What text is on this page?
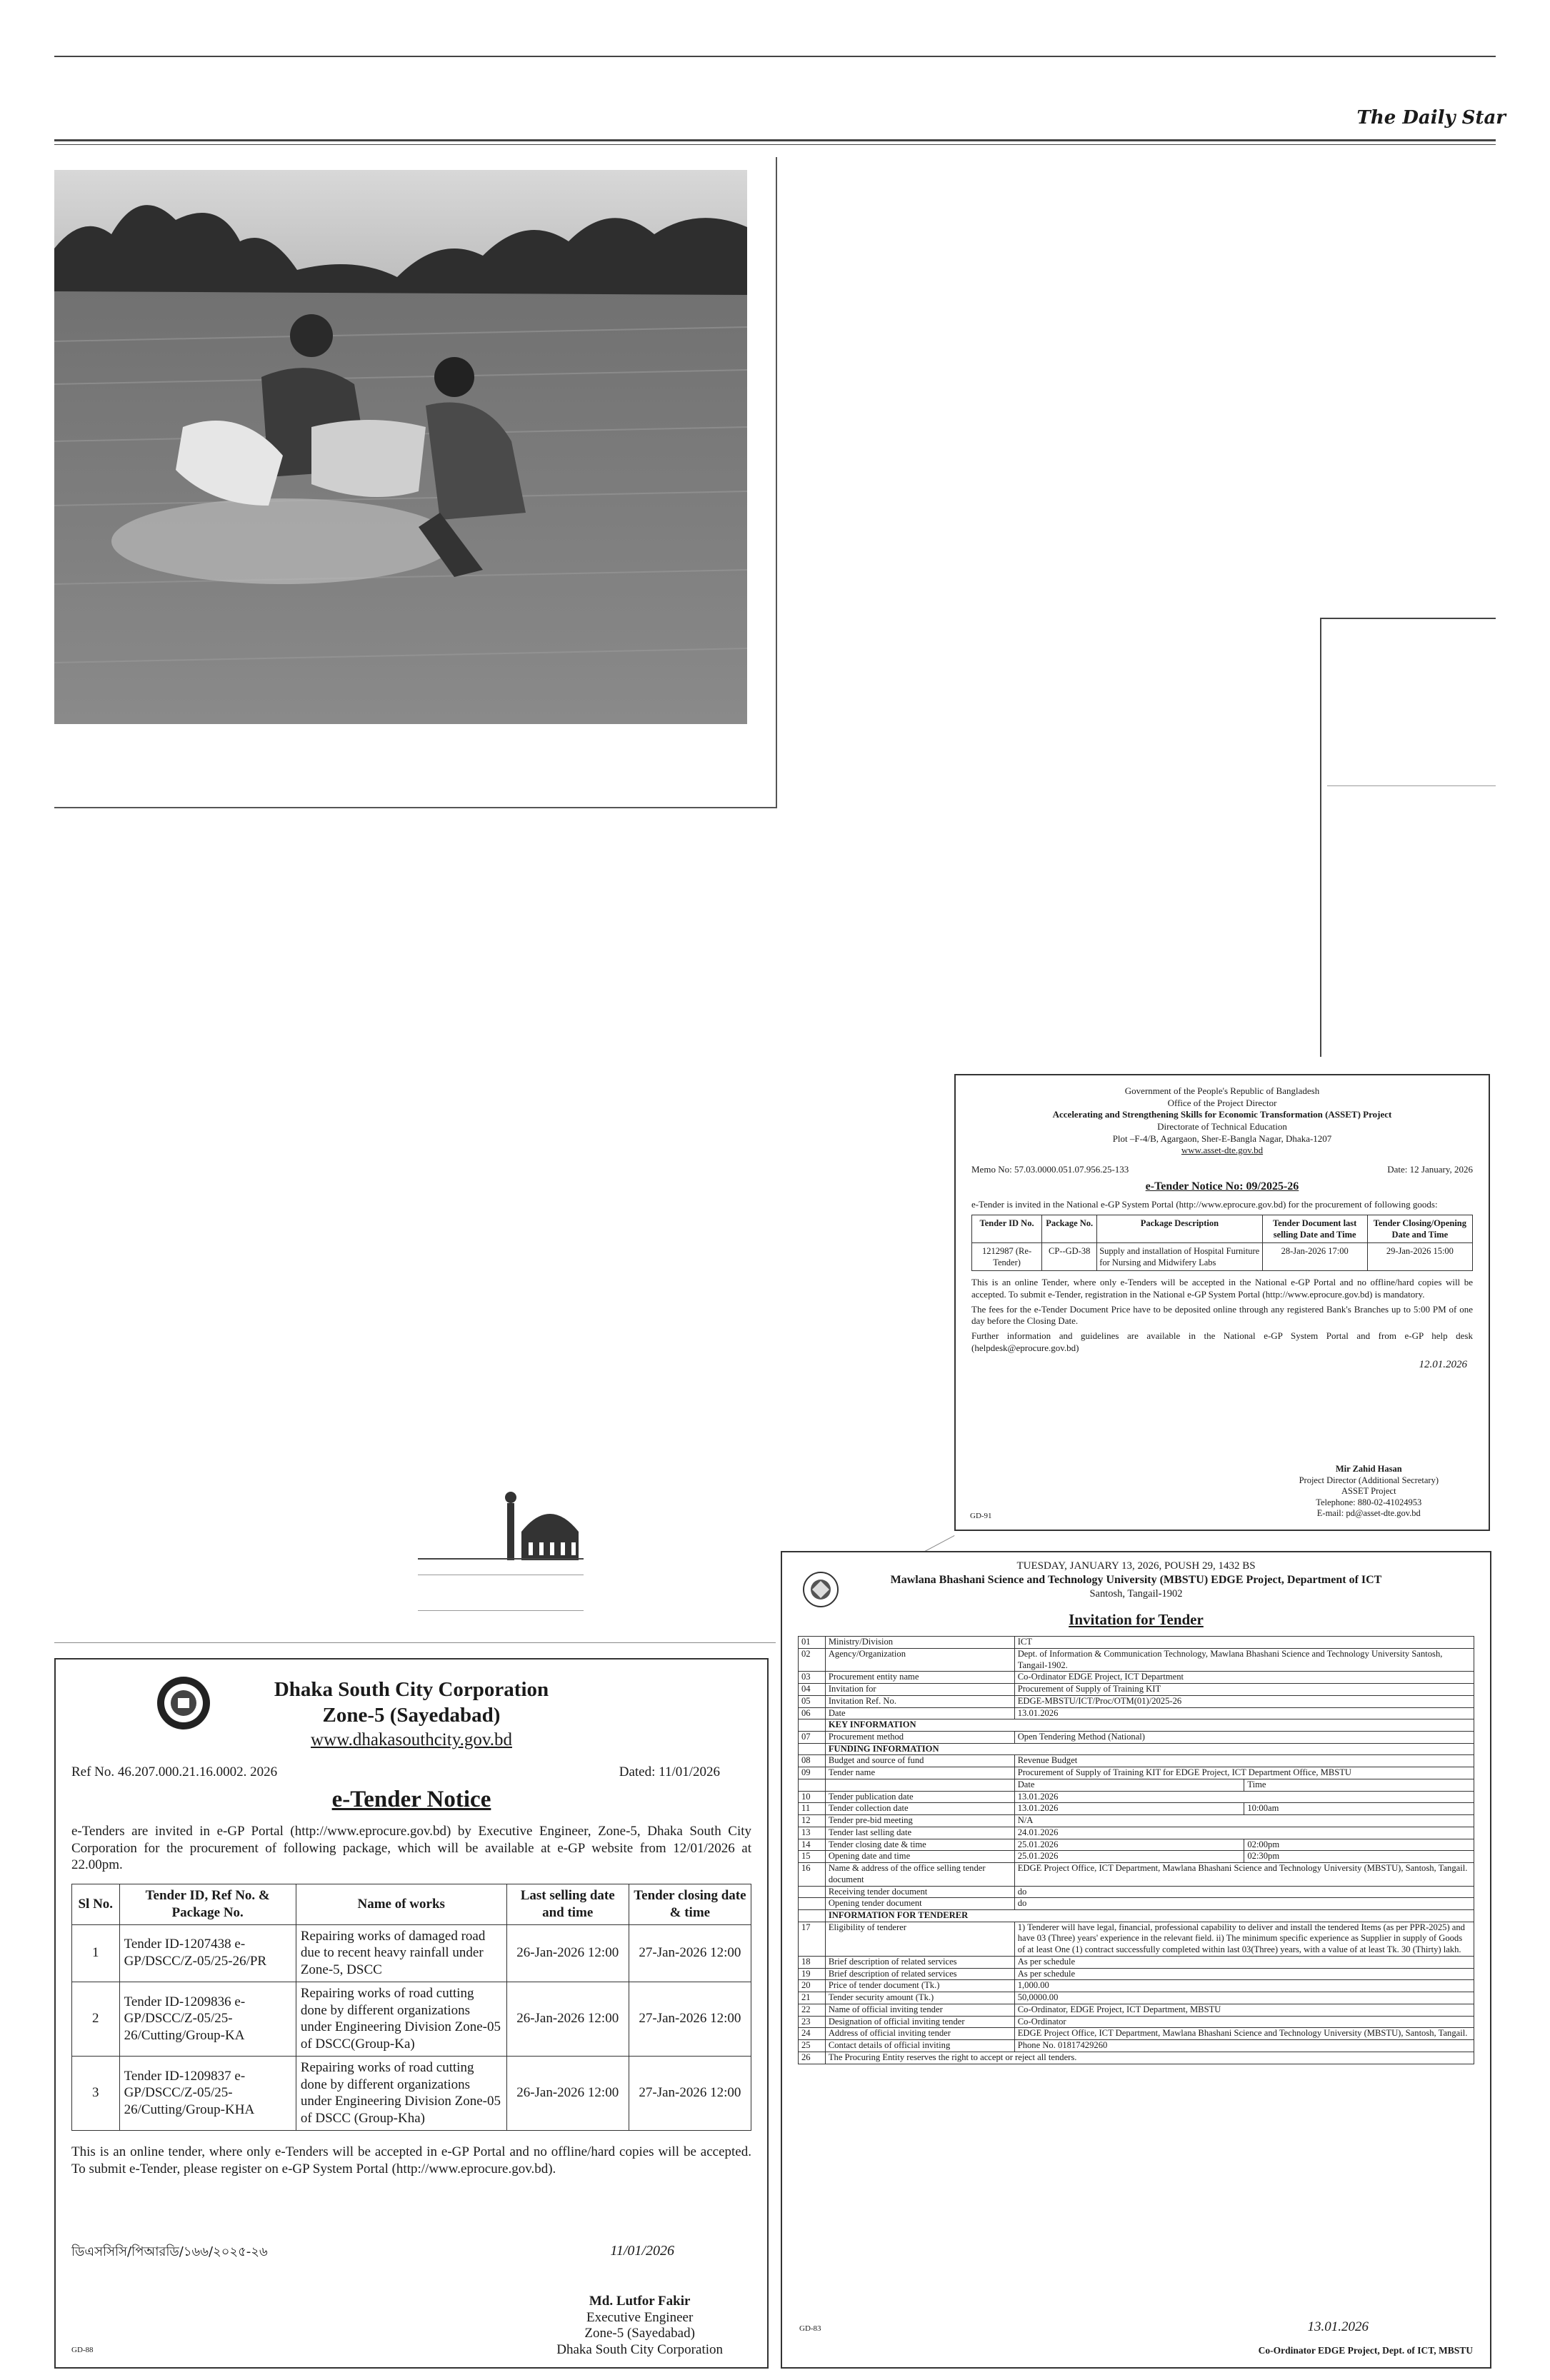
The Daily Star
Government of the People's Republic of Bangladesh
Office of the Project Director
Accelerating and Strengthening Skills for Economic Transformation (ASSET) Project
Directorate of Technical Education
Plot –F-4/B, Agargaon, Sher-E-Bangla Nagar, Dhaka-1207
www.asset-dte.gov.bd
Memo No: 57.03.0000.051.07.956.25-133	Date: 12 January, 2026
e-Tender Notice No: 09/2025-26

e-Tender is invited in the National e-GP System Portal (http://www.eprocure.gov.bd) for the procurement of following goods:

Tender ID No.	Package No.	Package Description	Tender Document last selling Date and Time	Tender Closing/Opening Date and Time
1212987 (Re-Tender)	CP--GD-38	Supply and installation of Hospital Furniture for Nursing and Midwifery Labs	28-Jan-2026 17:00	29-Jan-2026 15:00

This is an online Tender, where only e-Tenders will be accepted in the National e-GP Portal and no offline/hard copies will be accepted. To submit e-Tender, registration in the National e-GP System Portal (http://www.eprocure.gov.bd) is mandatory.

The fees for the e-Tender Document Price have to be deposited online through any registered Bank's Branches up to 5:00 PM of one day before the Closing Date.

Further information and guidelines are available in the National e-GP System Portal and from e-GP help desk (helpdesk@eprocure.gov.bd)

12.01.2026
Mir Zahid Hasan
Project Director (Additional Secretary)
ASSET Project
Telephone: 880-02-41024953
E-mail: pd@asset-dte.gov.bd
GD-91
TUESDAY, JANUARY 13, 2026, POUSH 29, 1432 BS
Mawlana Bhashani Science and Technology University (MBSTU) EDGE Project, Department of ICT
Santosh, Tangail-1902
Invitation for Tender
01	Ministry/Division	ICT	
02	Agency/Organization	Dept. of Information & Communication Technology, Mawlana Bhashani Science and Technology University Santosh, Tangail-1902.	
03	Procurement entity name	Co-Ordinator EDGE Project, ICT Department	
04	Invitation for	Procurement of Supply of Training KIT	
05	Invitation Ref. No.	EDGE-MBSTU/ICT/Proc/OTM(01)/2025-26	
06	Date	13.01.2026	
	KEY INFORMATION		
07	Procurement method	Open Tendering Method (National)	
	FUNDING INFORMATION		
08	Budget and source of fund	Revenue Budget	
09	Tender name	Procurement of Supply of Training KIT for EDGE Project, ICT Department Office, MBSTU	
		Date	Time
10	Tender publication date	13.01.2026	
11	Tender collection date	13.01.2026	10:00am
12	Tender pre-bid meeting	N/A	
13	Tender last selling date	24.01.2026	
14	Tender closing date & time	25.01.2026	02:00pm
15	Opening date and time	25.01.2026	02:30pm
16	Name & address of the office selling tender document	EDGE Project Office, ICT Department, Mawlana Bhashani Science and Technology University (MBSTU), Santosh, Tangail.	
	Receiving tender document	do	
	Opening tender document	do	
	INFORMATION FOR TENDERER		
17	Eligibility of tenderer	1) Tenderer will have legal, financial, professional capability to deliver and install the tendered Items (as per PPR-2025) and have 03 (Three) years' experience in the relevant field. ii) The minimum specific experience as Supplier in supply of Goods of at least One (1) contract successfully completed within last 03(Three) years, with a value of at least Tk. 30 (Thirty) lakh.	
18	Brief description of related services	As per schedule	
19	Brief description of related services	As per schedule	
20	Price of tender document (Tk.)	1,000.00	
21	Tender security amount (Tk.)	50,0000.00	
22	Name of official inviting tender	Co-Ordinator, EDGE Project, ICT Department, MBSTU	
23	Designation of official inviting tender	Co-Ordinator	
24	Address of official inviting tender	EDGE Project Office, ICT Department, Mawlana Bhashani Science and Technology University (MBSTU), Santosh, Tangail.	
25	Contact details of official inviting	Phone No. 01817429260	
26	The Procuring Entity reserves the right to accept or reject all tenders.		
GD-83	13.01.2026
Co-Ordinator EDGE Project, Dept. of ICT, MBSTU
Dhaka South City Corporation
Zone-5 (Sayedabad)
www.dhakasouthcity.gov.bd
Ref No. 46.207.000.21.16.0002. 2026	Dated: 11/01/2026
e-Tender Notice
e-Tenders are invited in e-GP Portal (http://www.eprocure.gov.bd) by Executive Engineer, Zone-5, Dhaka South City Corporation for the procurement of following package, which will be available at e-GP website from 12/01/2026 at 22.00pm.
Sl No.	Tender ID, Ref No. & Package No.	Name of works	Last selling date and time	Tender closing date & time
1	Tender ID-1207438 e-GP/DSCC/Z-05/25-26/PR	Repairing works of damaged road due to recent heavy rainfall under Zone-5, DSCC	26-Jan-2026 12:00	27-Jan-2026 12:00
2	Tender ID-1209836 e-GP/DSCC/Z-05/25-26/Cutting/Group-KA	Repairing works of road cutting done by different organizations under Engineering Division Zone-05 of DSCC(Group-Ka)	26-Jan-2026 12:00	27-Jan-2026 12:00
3	Tender ID-1209837 e-GP/DSCC/Z-05/25-26/Cutting/Group-KHA	Repairing works of road cutting done by different organizations under Engineering Division Zone-05 of DSCC (Group-Kha)	26-Jan-2026 12:00	27-Jan-2026 12:00
This is an online tender, where only e-Tenders will be accepted in e-GP Portal and no offline/hard copies will be accepted. To submit e-Tender, please register on e-GP System Portal (http://www.eprocure.gov.bd).
ডিএসসিসি/পিআরডি/১৬৬/২০২৫-২৬	11/01/2026
Md. Lutfor Fakir
Executive Engineer
Zone-5 (Sayedabad)
Dhaka South City Corporation
GD-88
